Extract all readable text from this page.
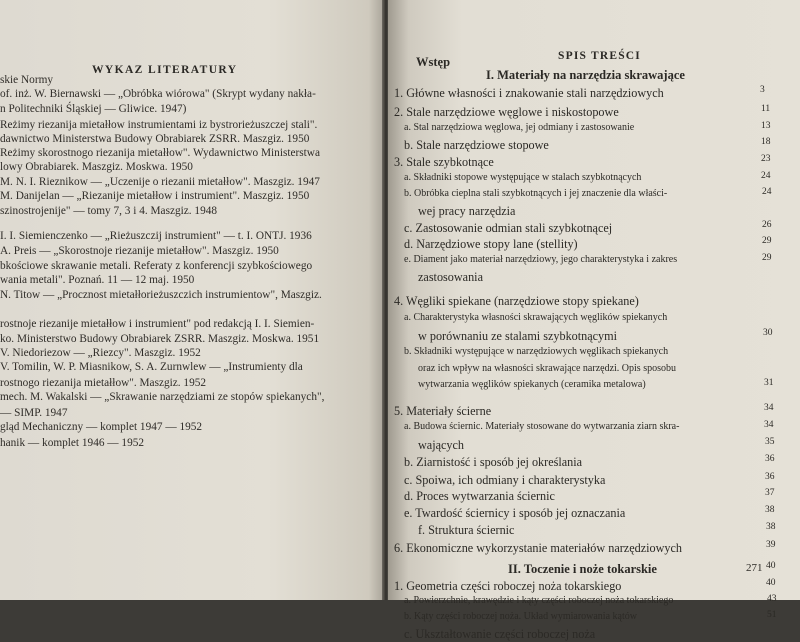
WYKAZ LITERATURY
skie Normy
of. inż. W. Biernawski — „Obróbka wiórowa" (Skrypt wydany nakła-
n Politechniki Śląskiej — Gliwice. 1947)
Reżimy riezanija mietałłow instrumientami iz bystrorieżuszczej stali".
dawnictwo Ministerstwa Budowy Obrabiarek ZSRR. Maszgiz. 1950
Reżimy skorostnogo riezanija mietałłow". Wydawnictwo Ministerstwa
lowy Obrabiarek. Maszgiz. Moskwa. 1950
M. N. I. Rieznikow — „Uczenije o riezanii mietałłow". Maszgiz. 1947
M. Danijelan — „Riezanije mietałłow i instrumient". Maszgiz. 1950
szinostrojenije" — tomy 7, 3 i 4. Maszgiz. 1948
I. I. Siemienczenko — „Rieżuszczij instrumient" — t. I. ONTJ. 1936
A. Preis — „Skorostnoje riezanije mietałłow". Maszgiz. 1950
bkościowe skrawanie metali. Referaty z konferencji szybkościowego
wania metali". Poznań. 11 — 12 maj. 1950
N. Titow — „Procznost mietałłorieżuszczich instrumientow", Maszgiz.
rostnoje riezanije mietałłow i instrumient" pod redakcją I. I. Siemien-
ko. Ministerstwo Budowy Obrabiarek ZSRR. Maszgiz. Moskwa. 1951
V. Niedoriezow — „Riezcy". Maszgiz. 1952
V. Tomilin, W. P. Miasnikow, S. A. Zurnwlew — „Instrumienty dla
rostnogo riezanija mietałłow". Maszgiz. 1952
mech. M. Wakalski — „Skrawanie narzędziami ze stopów spiekanych",
— SIMP. 1947
gląd Mechaniczny — komplet 1947 — 1952
hanik — komplet 1946 — 1952
SPIS TREŚCI
Wstęp
I. Materiały na narzędzia skrawające
1. Główne własności i znakowanie stali narzędziowych	3
2. Stale narzędziowe węglowe i niskostopowe	11
a. Stal narzędziowa węglowa, jej odmiany i zastosowanie	13
b. Stale narzędziowe stopowe	18
3. Stale szybkotnące	23
a. Składniki stopowe występujące w stalach szybkotnących	24
b. Obróbka cieplna stali szybkotnących i jej znaczenie dla właści-	24
wej pracy narzędzia
c. Zastosowanie odmian stali szybkotnącej	26
d. Narzędziowe stopy lane (stellity)	29
e. Diament jako materiał narzędziowy, jego charakterystyka i zakres	29
zastosowania
4. Węgliki spiekane (narzędziowe stopy spiekane)
a. Charakterystyka własności skrawających węglików spiekanych
w porównaniu ze stalami szybkotnącymi	30
b. Składniki występujące w narzędziowych węglikach spiekanych
oraz ich wpływ na własności skrawające narzędzi. Opis sposobu
wytwarzania węglików spiekanych (ceramika metalowa)	31
5. Materiały ścierne	34
a. Budowa ściernic. Materiały stosowane do wytwarzania ziarn skra-	34
wających	35
b. Ziarnistość i sposób jej określania	36
c. Spoiwa, ich odmiany i charakterystyka	36
d. Proces wytwarzania ściernic	37
e. Twardość ściernicy i sposób jej oznaczania	38
f. Struktura ściernic	38
6. Ekonomiczne wykorzystanie materiałów narzędziowych	39
II. Toczenie i noże tokarskie	40
1. Geometria części roboczej noża tokarskiego	40
a. Powierzchnie, krawędzie i kąty części roboczej noża tokarskiego	43
b. Kąty części roboczej noża. Układ wymiarowania kątów	51
c. Ukształtowanie części roboczej noża
271
